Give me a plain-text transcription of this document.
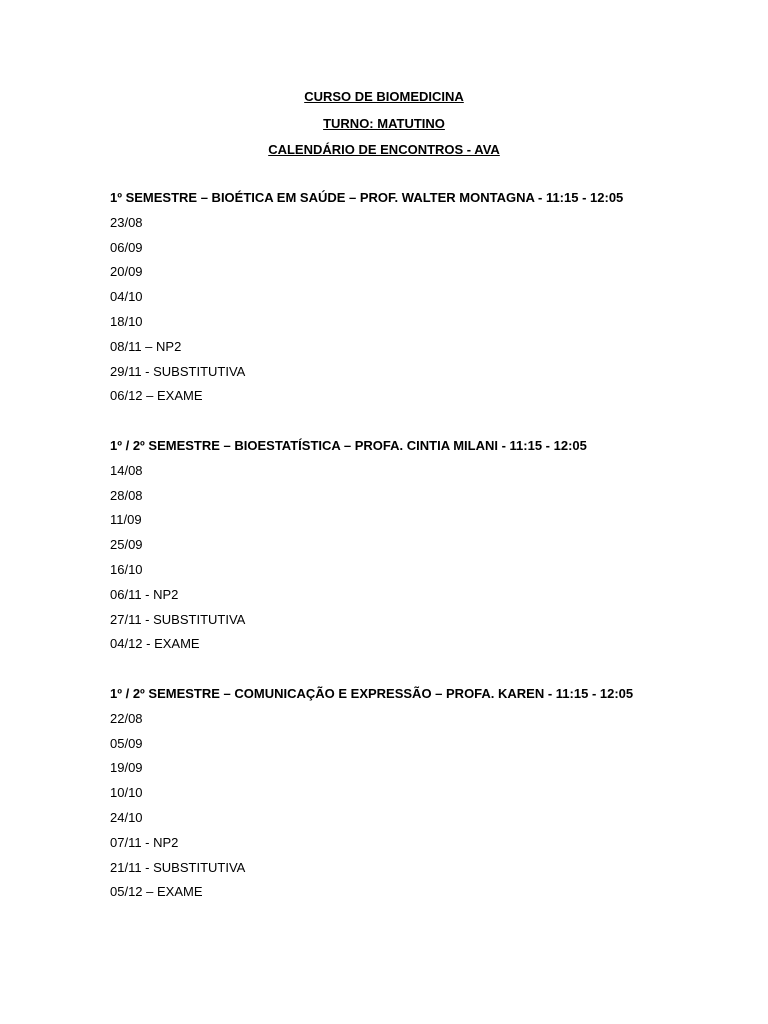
CURSO DE BIOMEDICINA
TURNO: MATUTINO
CALENDÁRIO DE ENCONTROS - AVA
1º SEMESTRE – BIOÉTICA EM SAÚDE – PROF. WALTER MONTAGNA - 11:15 - 12:05
23/08
06/09
20/09
04/10
18/10
08/11 – NP2
29/11 - SUBSTITUTIVA
06/12 – EXAME
1º / 2º SEMESTRE – BIOESTATÍSTICA – PROFA. CINTIA MILANI - 11:15 - 12:05
14/08
28/08
11/09
25/09
16/10
06/11 - NP2
27/11 - SUBSTITUTIVA
04/12 - EXAME
1º / 2º SEMESTRE – COMUNICAÇÃO E EXPRESSÃO – PROFA. KAREN - 11:15 - 12:05
22/08
05/09
19/09
10/10
24/10
07/11 - NP2
21/11 - SUBSTITUTIVA
05/12 – EXAME
